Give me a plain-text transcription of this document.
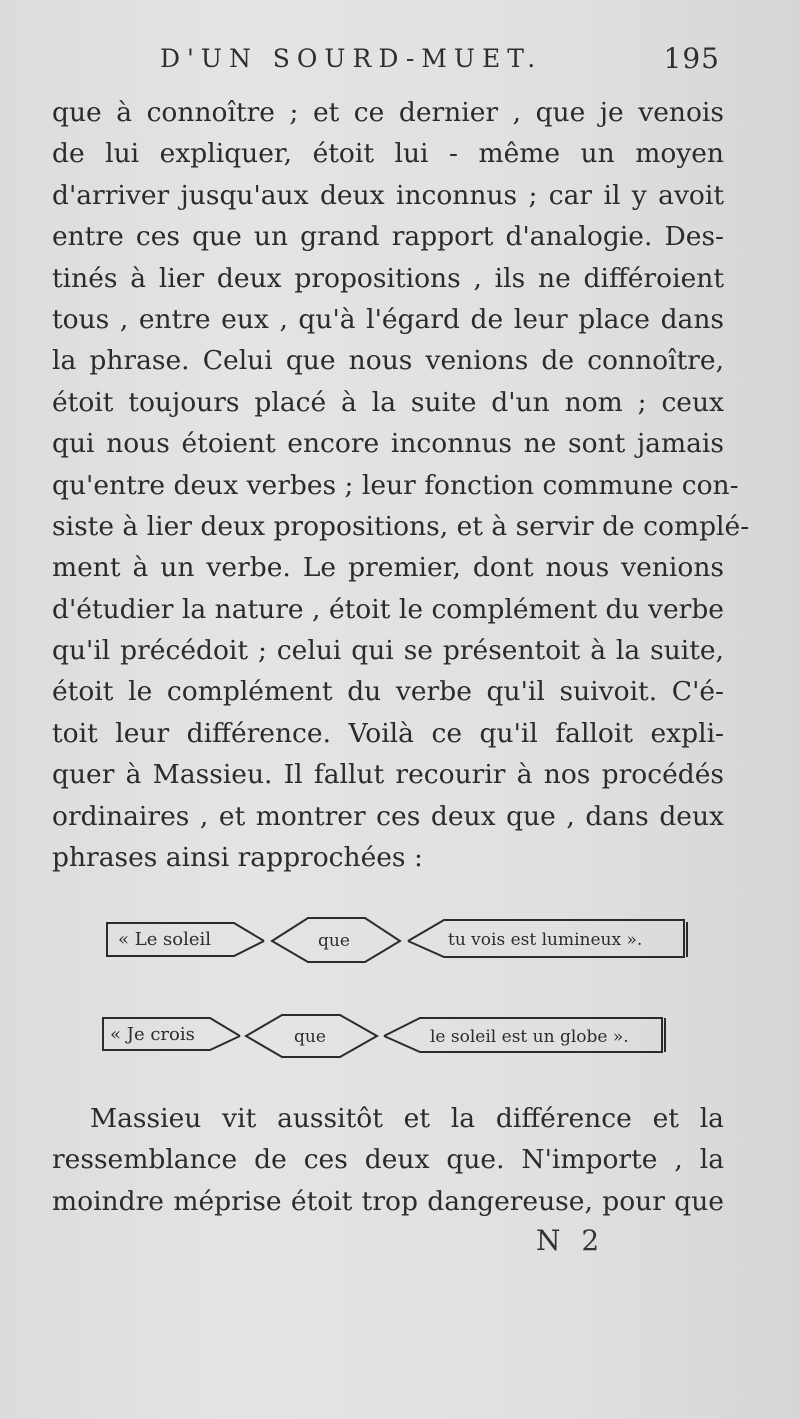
D'UN SOURD-MUET.	195
que à connoître ; et ce dernier , que je venois
de lui expliquer, étoit lui - même un moyen
d'arriver jusqu'aux deux inconnus ; car il y avoit
entre ces que un grand rapport d'analogie. Des-
tinés à lier deux propositions , ils ne différoient
tous , entre eux , qu'à l'égard de leur place dans
la phrase. Celui que nous venions de connoître,
étoit toujours placé à la suite d'un nom ; ceux
qui nous étoient encore inconnus ne sont jamais
qu'entre deux verbes ; leur fonction commune con-
siste à lier deux propositions, et à servir de complé-
ment à un verbe. Le premier, dont nous venions
d'étudier la nature , étoit le complément du verbe
qu'il précédoit ; celui qui se présentoit à la suite,
étoit le complément du verbe qu'il suivoit. C'é-
toit leur différence. Voilà ce qu'il falloit expli-
quer à Massieu. Il fallut recourir à nos procédés
ordinaires , et montrer ces deux que , dans deux
phrases ainsi rapprochées :
« Le soleil	que	tu vois est lumineux ».
« Je crois	que	le soleil est un globe ».
Massieu vit aussitôt et la différence et la
ressemblance de ces deux que. N'importe , la
moindre méprise étoit trop dangereuse, pour que
N 2
